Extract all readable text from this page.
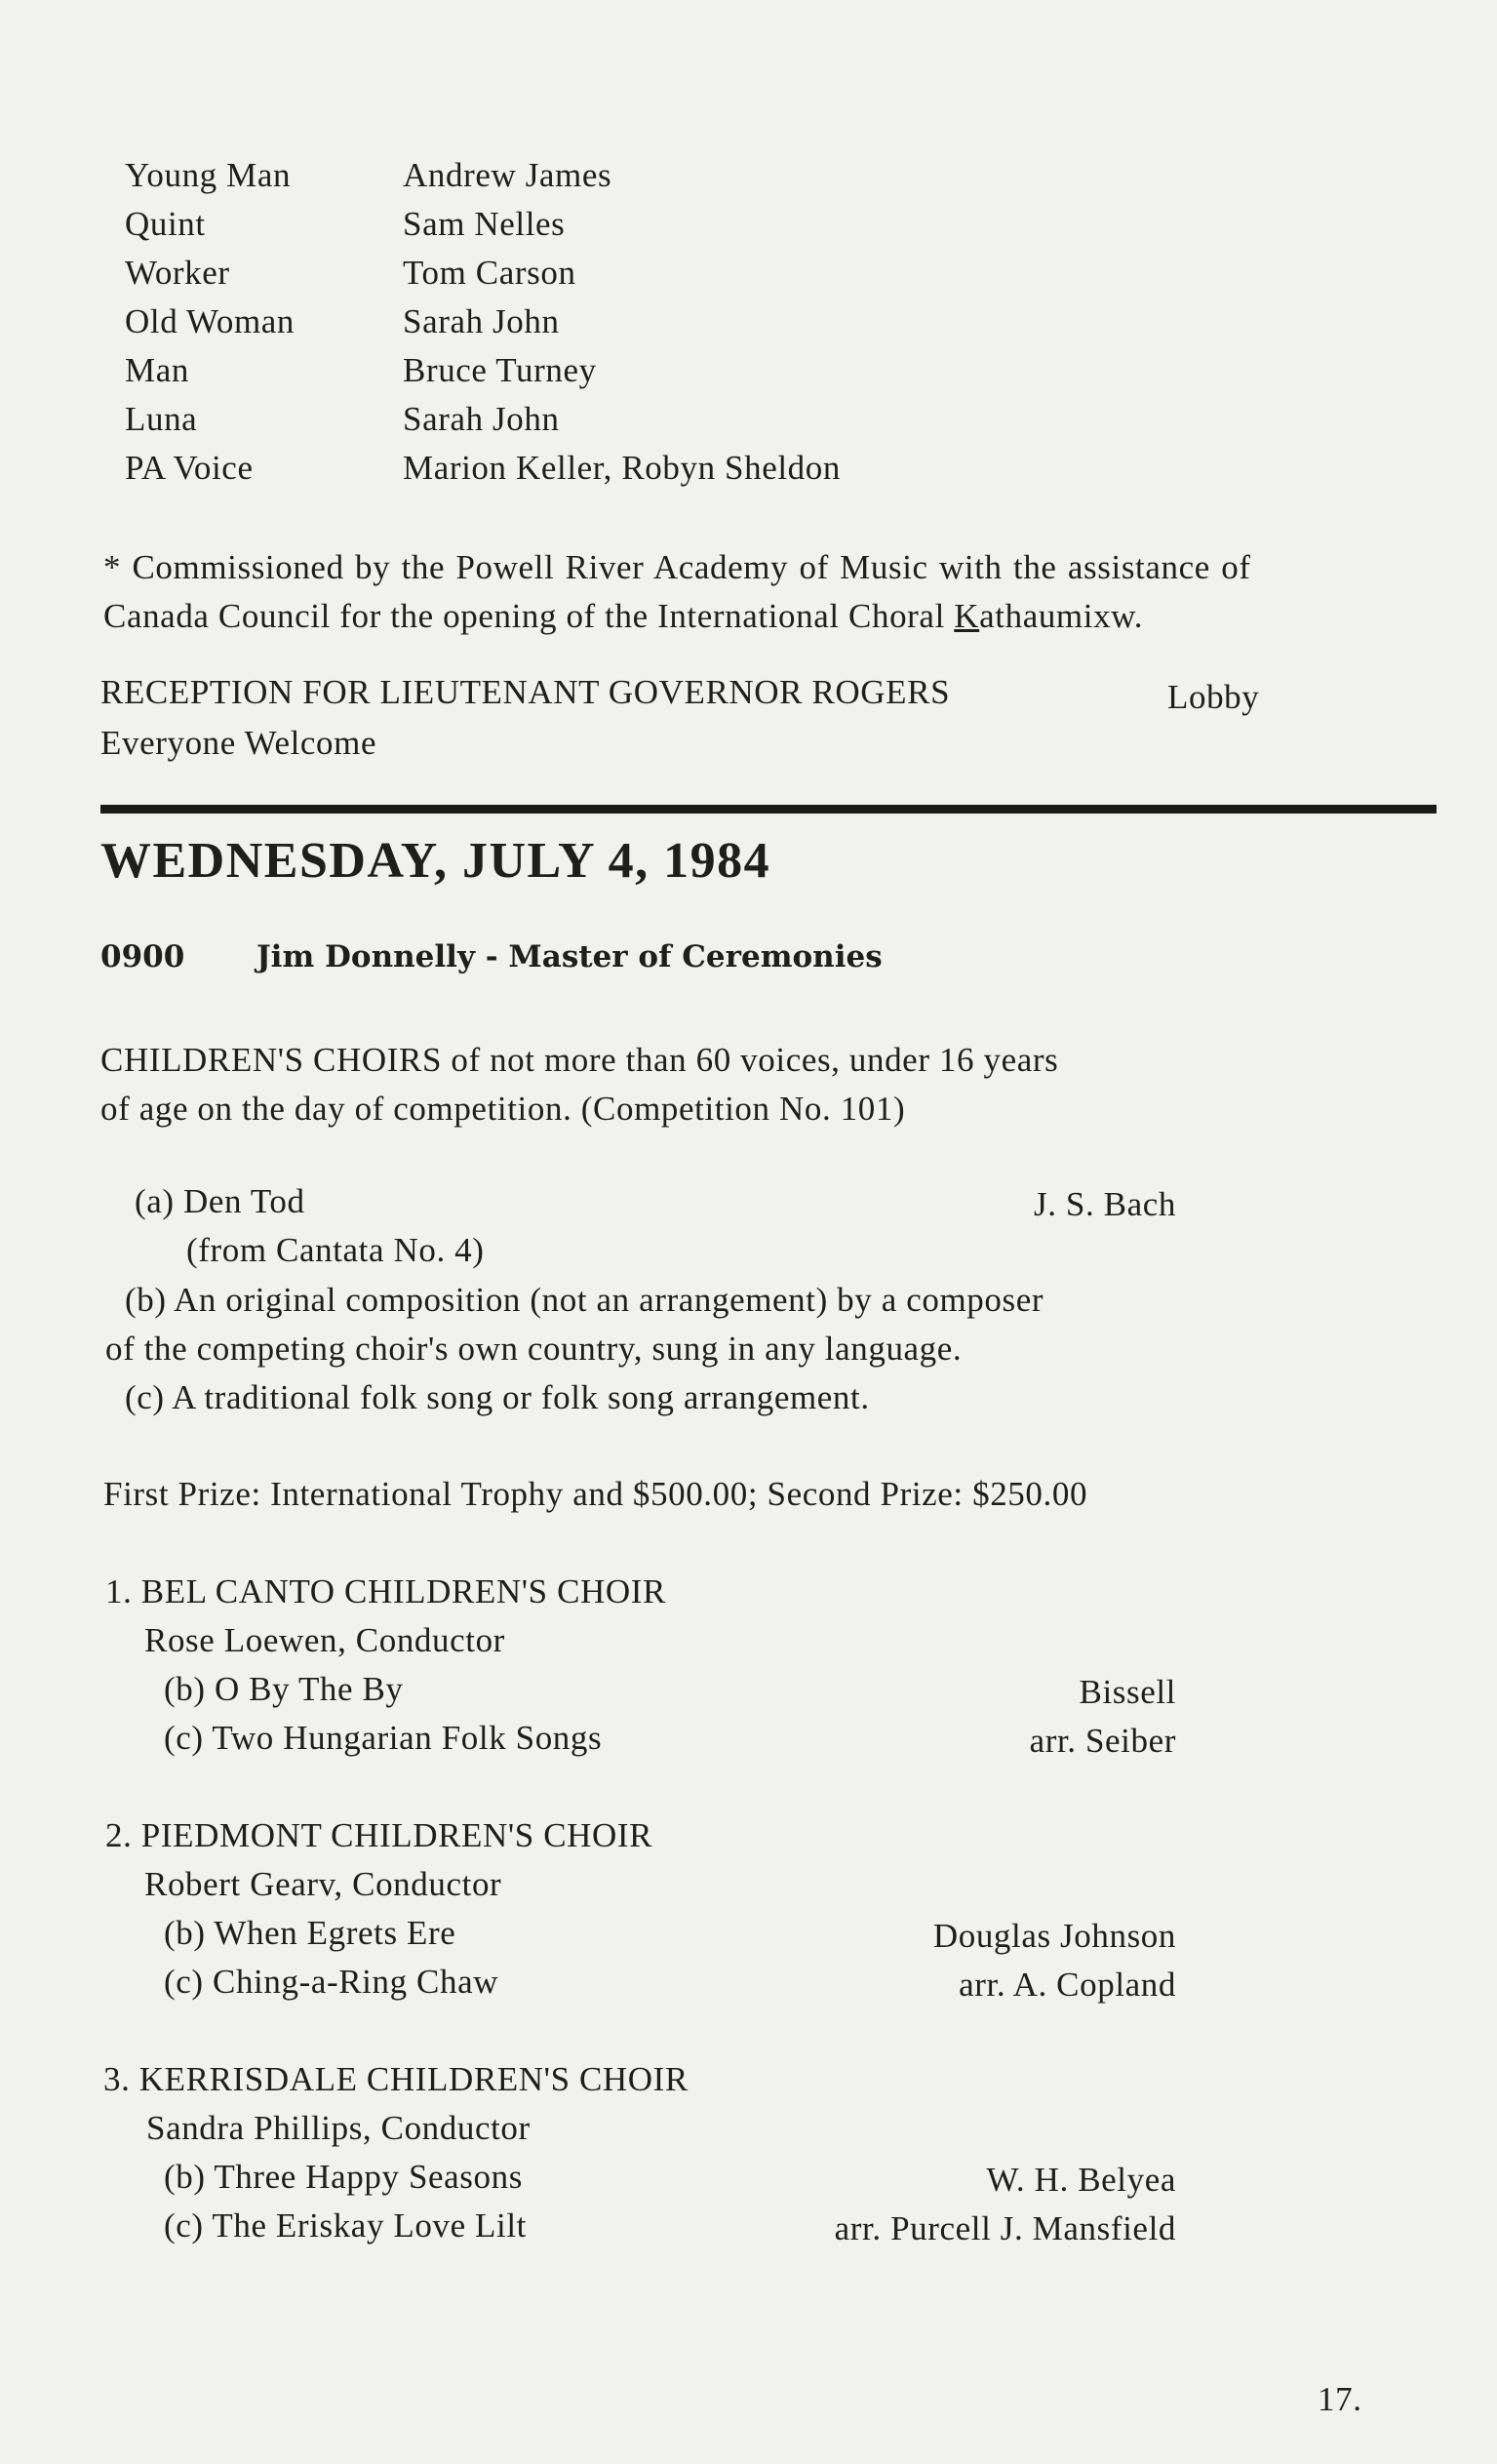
Young Man	Andrew James
Quint	Sam Nelles
Worker	Tom Carson
Old Woman	Sarah John
Man	Bruce Turney
Luna	Sarah John
PA Voice	Marion Keller, Robyn Sheldon
* Commissioned by the Powell River Academy of Music with the assistance of
Canada Council for the opening of the International Choral Kathaumixw.
RECEPTION FOR LIEUTENANT GOVERNOR ROGERS	Lobby
Everyone Welcome
WEDNESDAY, JULY 4, 1984
0900 Jim Donnelly - Master of Ceremonies
CHILDREN'S CHOIRS of not more than 60 voices, under 16 years
of age on the day of competition. (Competition No. 101)
(a) Den Tod	J. S. Bach
(from Cantata No. 4)
(b) An original composition (not an arrangement) by a composer
of the competing choir's own country, sung in any language.
(c) A traditional folk song or folk song arrangement.
First Prize: International Trophy and $500.00; Second Prize: $250.00
1. BEL CANTO CHILDREN'S CHOIR
Rose Loewen, Conductor
(b) O By The By	Bissell
(c) Two Hungarian Folk Songs	arr. Seiber
2. PIEDMONT CHILDREN'S CHOIR
Robert Gearv, Conductor
(b) When Egrets Ere	Douglas Johnson
(c) Ching-a-Ring Chaw	arr. A. Copland
3. KERRISDALE CHILDREN'S CHOIR
Sandra Phillips, Conductor
(b) Three Happy Seasons	W. H. Belyea
(c) The Eriskay Love Lilt	arr. Purcell J. Mansfield
17.
